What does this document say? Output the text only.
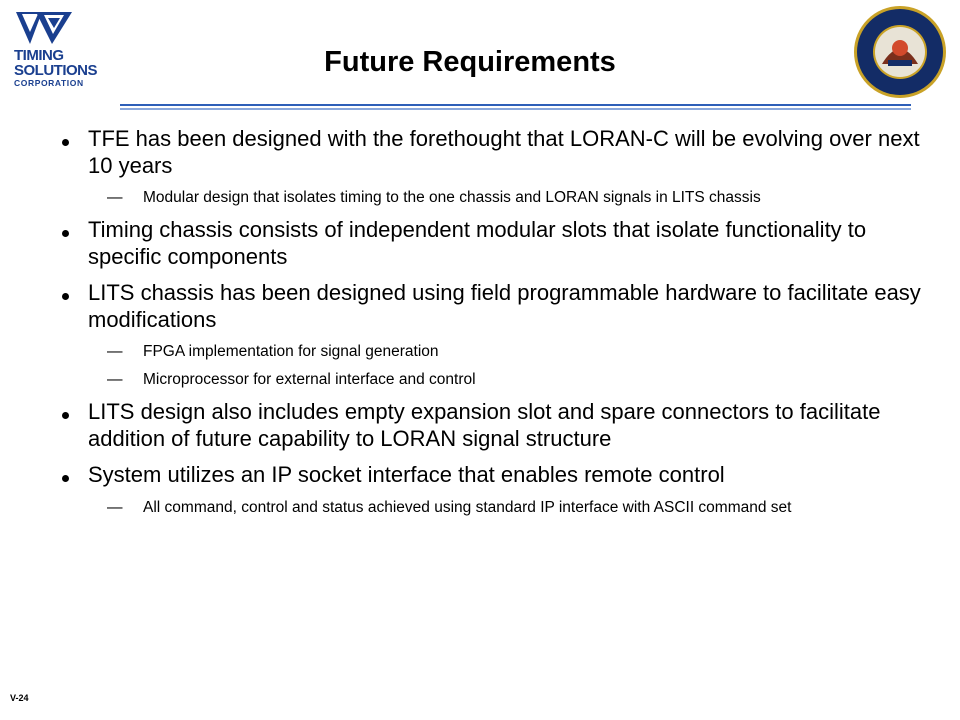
TIMING
SOLUTIONS
CORPORATION
Future Requirements
TFE has been designed with the forethought that LORAN-C will be evolving over next 10 years
— Modular design that isolates timing to the one chassis and LORAN signals in LITS chassis
Timing chassis consists of independent modular slots that isolate functionality to specific components
LITS chassis has been designed using field programmable hardware to facilitate easy modifications
— FPGA implementation for signal generation
— Microprocessor for external interface and control
LITS design also includes empty expansion slot and spare connectors to facilitate addition of future capability to LORAN signal structure
System utilizes an IP socket interface that enables remote control
— All command, control and status achieved using standard IP interface with ASCII command set
V-24
